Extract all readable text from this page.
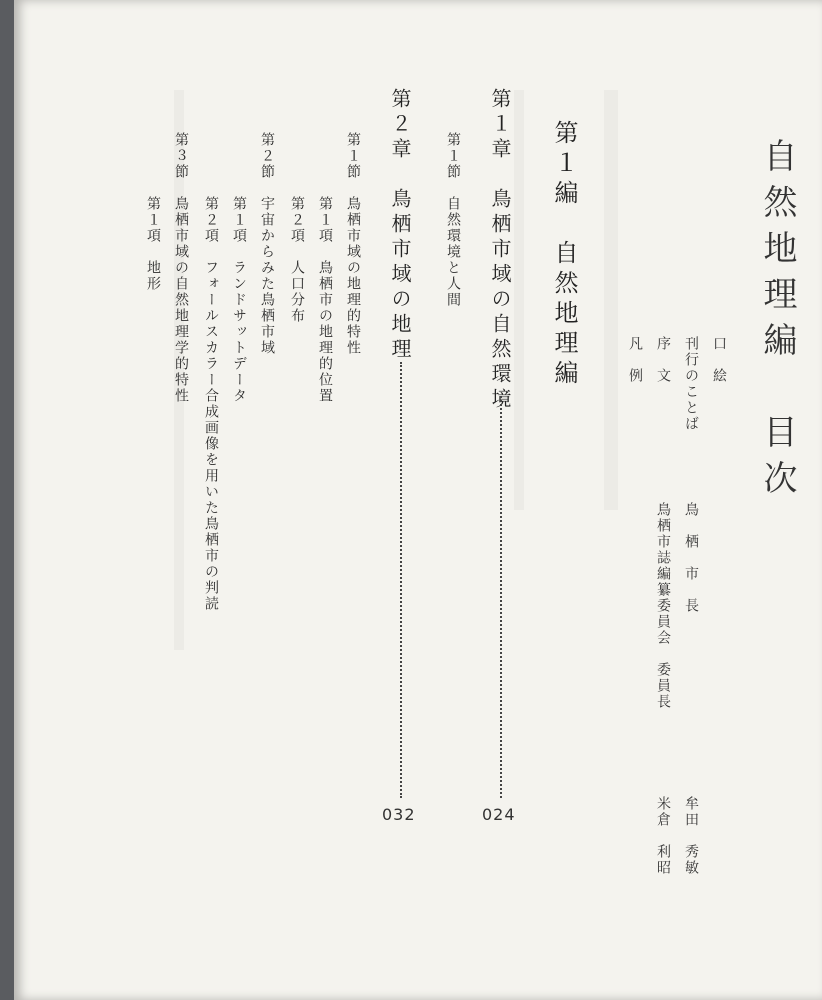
自然地理編　目次
口　絵
刊行のことば
序　文
凡　例
鳥　栖　市　長
牟田　秀敏
鳥栖市誌編纂委員会　委員長
米倉　利昭
第１編　自然地理編
第１章　鳥栖市域の自然環境
024
第１節　自然環境と人間
第２章　鳥栖市域の地理
032
第１節　鳥栖市域の地理的特性
第１項　鳥栖市の地理的位置
第２項　人口分布
第２節　宇宙からみた鳥栖市域
第１項　ランドサットデータ
第２項　フォールスカラー合成画像を用いた鳥栖市の判読
第３節　鳥栖市域の自然地理学的特性
第１項　地形
